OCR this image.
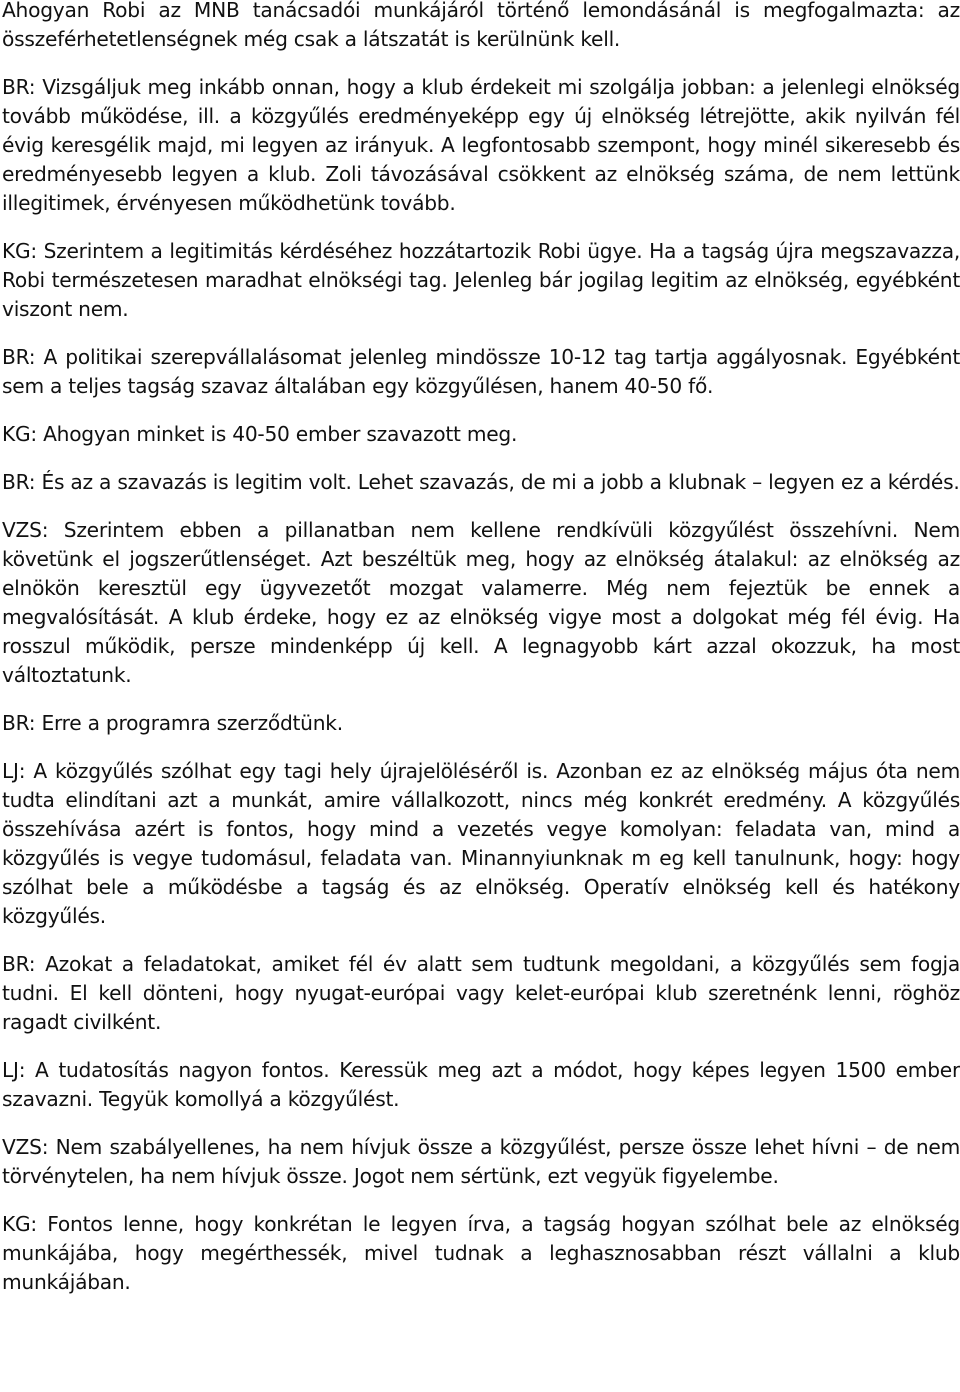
Ahogyan Robi az MNB tanácsadói munkájáról történő lemondásánál is megfogalmazta: az összeférhetetlenségnek még csak a látszatát is kerülnünk kell.

BR: Vizsgáljuk meg inkább onnan, hogy a klub érdekeit mi szolgálja jobban: a jelenlegi elnökség tovább működése, ill. a közgyűlés eredményeképp egy új elnökség létrejötte, akik nyilván fél évig keresgélik majd, mi legyen az irányuk. A legfontosabb szempont, hogy minél sikeresebb és eredményesebb legyen a klub. Zoli távozásával csökkent az elnökség száma, de nem lettünk illegitimek, érvényesen működhetünk tovább.

KG: Szerintem a legitimitás kérdéséhez hozzátartozik Robi ügye. Ha a tagság újra megszavazza, Robi természetesen maradhat elnökségi tag. Jelenleg bár jogilag legitim az elnökség, egyébként viszont nem.

BR: A politikai szerepvállalásomat jelenleg mindössze 10-12 tag tartja aggályosnak. Egyébként sem a teljes tagság szavaz általában egy közgyűlésen, hanem 40-50 fő.

KG: Ahogyan minket is 40-50 ember szavazott meg.

BR: És az a szavazás is legitim volt. Lehet szavazás, de mi a jobb a klubnak – legyen ez a kérdés.

VZS: Szerintem ebben a pillanatban nem kellene rendkívüli közgyűlést összehívni. Nem követünk el jogszerűtlenséget. Azt beszéltük meg, hogy az elnökség átalakul: az elnökség az elnökön keresztül egy ügyvezetőt mozgat valamerre. Még nem fejeztük be ennek a megvalósítását. A klub érdeke, hogy ez az elnökség vigye most a dolgokat még fél évig. Ha rosszul működik, persze mindenképp új kell. A legnagyobb kárt azzal okozzuk, ha most változtatunk.

BR: Erre a programra szerződtünk.

LJ: A közgyűlés szólhat egy tagi hely újrajelöléséről is. Azonban ez az elnökség május óta nem tudta elindítani azt a munkát, amire vállalkozott, nincs még konkrét eredmény. A közgyűlés összehívása azért is fontos, hogy mind a vezetés vegye komolyan: feladata van, mind a közgyűlés is vegye tudomásul, feladata van. Minannyiunknak m eg kell tanulnunk, hogy: hogy szólhat bele a működésbe a tagság és az elnökség. Operatív elnökség kell és hatékony közgyűlés.

BR: Azokat a feladatokat, amiket fél év alatt sem tudtunk megoldani, a közgyűlés sem fogja tudni. El kell dönteni, hogy nyugat-európai vagy kelet-európai klub szeretnénk lenni, röghöz ragadt civilként.

LJ: A tudatosítás nagyon fontos. Keressük meg azt a módot, hogy képes legyen 1500 ember szavazni. Tegyük komollyá a közgyűlést.

VZS: Nem szabályellenes, ha nem hívjuk össze a közgyűlést, persze össze lehet hívni – de nem törvénytelen, ha nem hívjuk össze. Jogot nem sértünk, ezt vegyük figyelembe.

KG: Fontos lenne, hogy konkrétan le legyen írva, a tagság hogyan szólhat bele az elnökség munkájába, hogy megérthessék, mivel tudnak a leghasznosabban részt vállalni a klub munkájában.
